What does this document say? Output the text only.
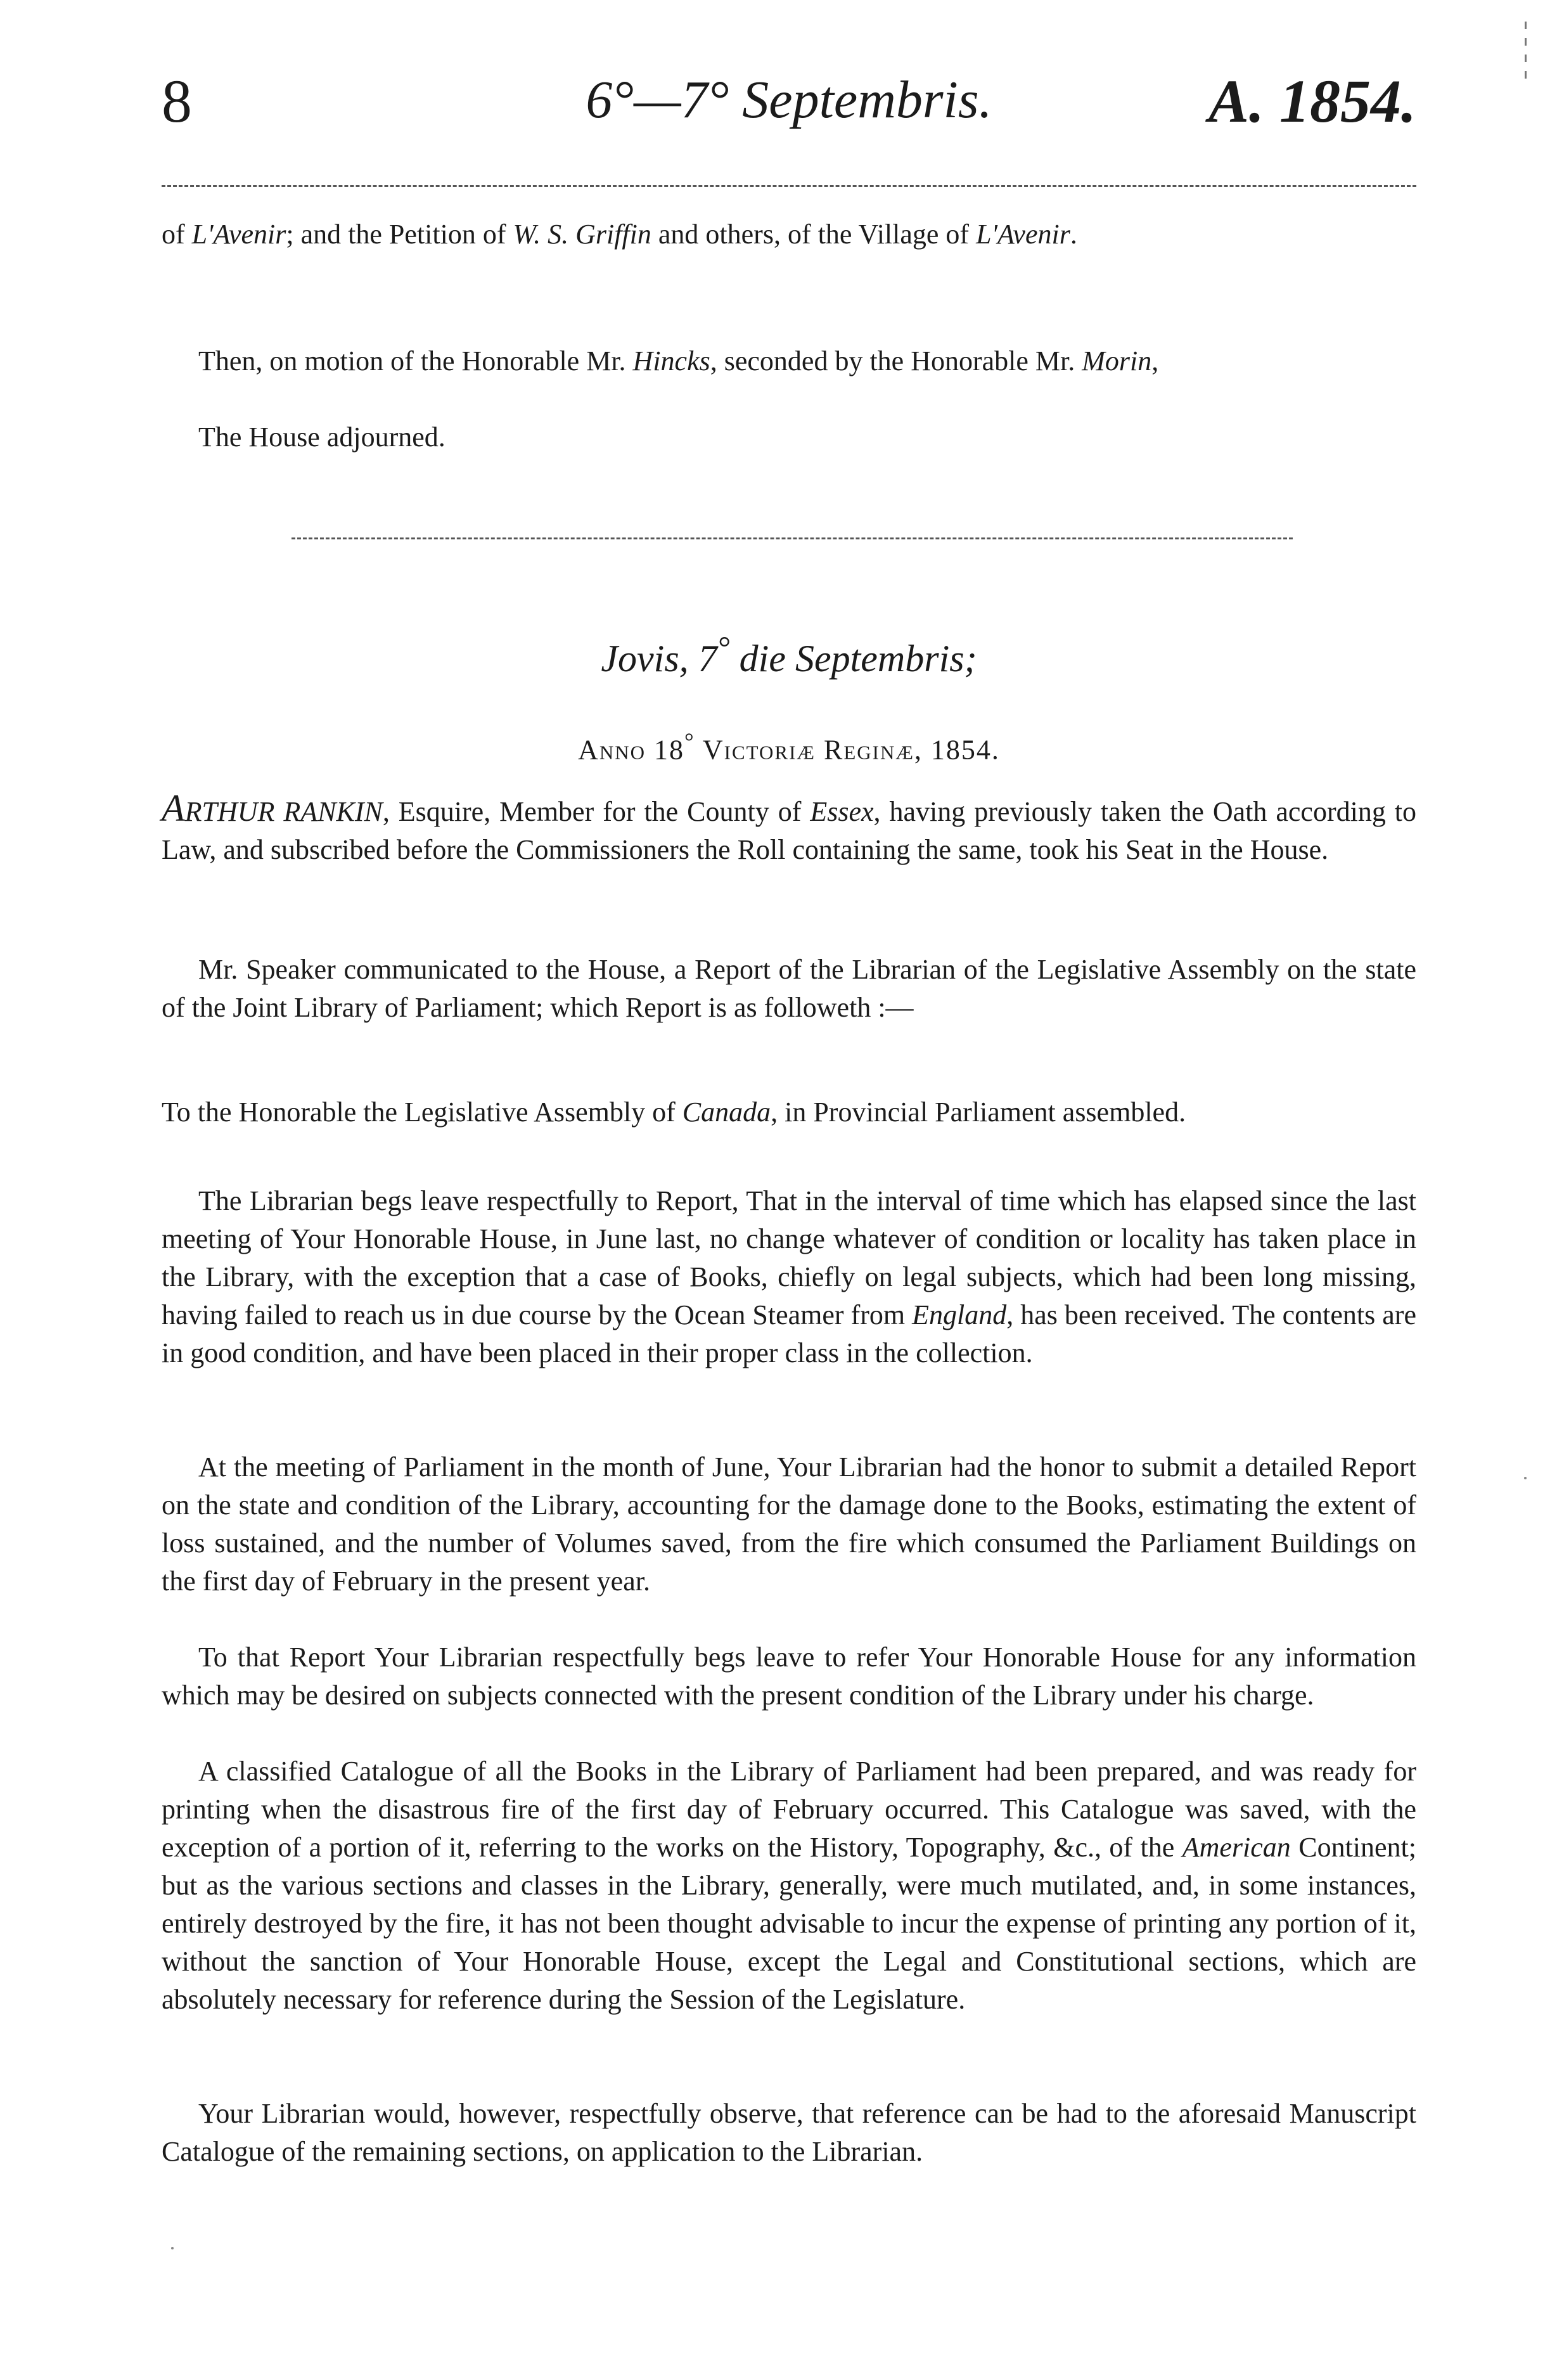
8	6°—7° Septembris.	A. 1854.

of L'Avenir; and the Petition of W. S. Griffin and others, of the Village of L'Avenir.

Then, on motion of the Honorable Mr. Hincks, seconded by the Honorable Mr. Morin,

The House adjourned.

Jovis, 7° die Septembris;

Anno 18° Victoriæ Reginæ, 1854.

ARTHUR RANKIN, Esquire, Member for the County of Essex, having previously taken the Oath according to Law, and subscribed before the Commissioners the Roll containing the same, took his Seat in the House.

Mr. Speaker communicated to the House, a Report of the Librarian of the Legislative Assembly on the state of the Joint Library of Parliament; which Report is as followeth :—

To the Honorable the Legislative Assembly of Canada, in Provincial Parliament assembled.

The Librarian begs leave respectfully to Report, That in the interval of time which has elapsed since the last meeting of Your Honorable House, in June last, no change whatever of condition or locality has taken place in the Library, with the exception that a case of Books, chiefly on legal subjects, which had been long missing, having failed to reach us in due course by the Ocean Steamer from England, has been received. The contents are in good condition, and have been placed in their proper class in the collection.

At the meeting of Parliament in the month of June, Your Librarian had the honor to submit a detailed Report on the state and condition of the Library, accounting for the damage done to the Books, estimating the extent of loss sustained, and the number of Volumes saved, from the fire which consumed the Parliament Buildings on the first day of February in the present year.

To that Report Your Librarian respectfully begs leave to refer Your Honorable House for any information which may be desired on subjects connected with the present condition of the Library under his charge.

A classified Catalogue of all the Books in the Library of Parliament had been prepared, and was ready for printing when the disastrous fire of the first day of February occurred. This Catalogue was saved, with the exception of a portion of it, referring to the works on the History, Topography, &c., of the American Continent; but as the various sections and classes in the Library, generally, were much mutilated, and, in some instances, entirely destroyed by the fire, it has not been thought advisable to incur the expense of printing any portion of it, without the sanction of Your Honorable House, except the Legal and Constitutional sections, which are absolutely necessary for reference during the Session of the Legislature.

Your Librarian would, however, respectfully observe, that reference can be had to the aforesaid Manuscript Catalogue of the remaining sections, on application to the Librarian.
